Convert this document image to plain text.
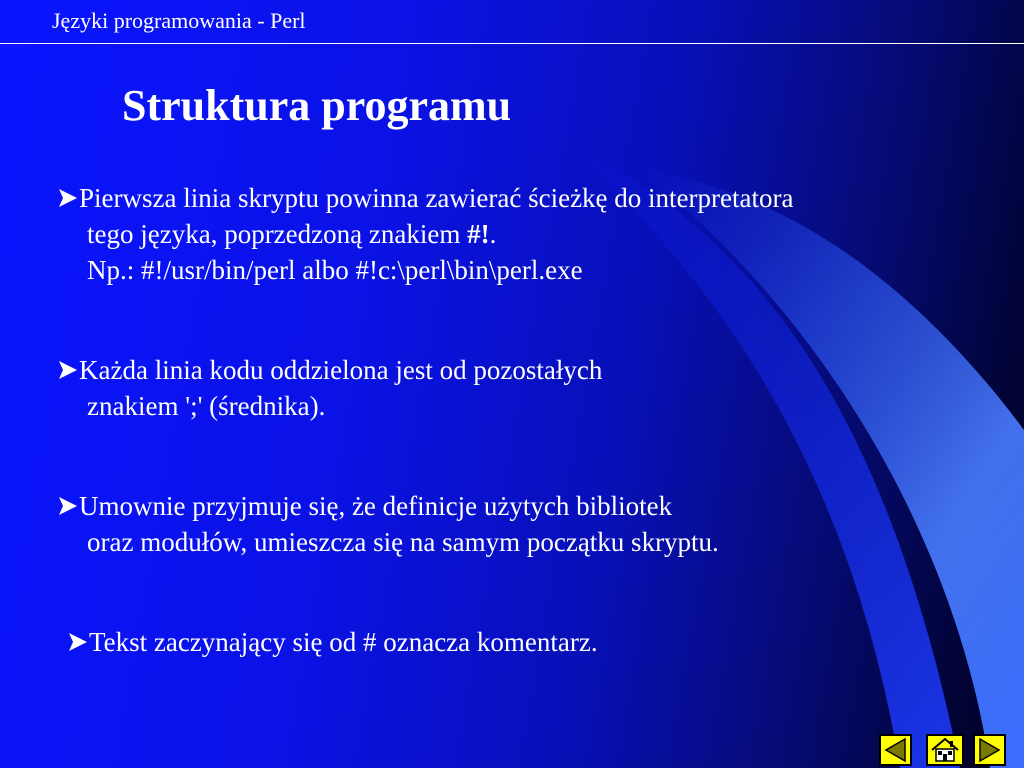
Języki programowania - Perl
Struktura programu
Pierwsza linia skryptu powinna zawierać ścieżkę do interpretatora
tego języka, poprzedzoną znakiem #!.
Np.: #!/usr/bin/perl albo #!c:\perl\bin\perl.exe
Każda linia kodu oddzielona jest od pozostałych
znakiem ';' (średnika).
Umownie przyjmuje się, że definicje użytych bibliotek
oraz modułów, umieszcza się na samym początku skryptu.
Tekst zaczynający się od # oznacza komentarz.
